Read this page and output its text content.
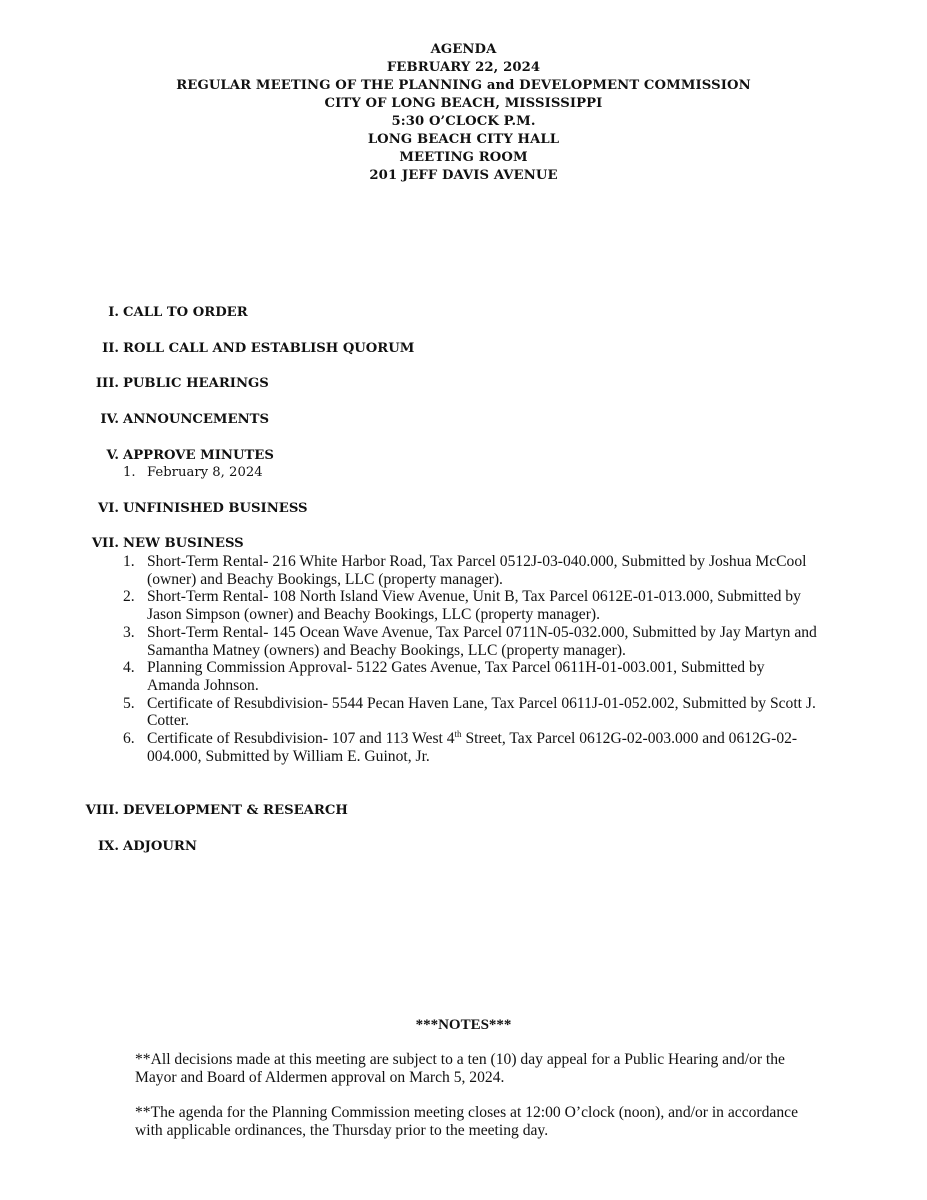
AGENDA
FEBRUARY 22, 2024
REGULAR MEETING OF THE PLANNING and DEVELOPMENT COMMISSION
CITY OF LONG BEACH, MISSISSIPPI
5:30 O’CLOCK P.M.
LONG BEACH CITY HALL
MEETING ROOM
201 JEFF DAVIS AVENUE
I. CALL TO ORDER
II. ROLL CALL AND ESTABLISH QUORUM
III. PUBLIC HEARINGS
IV. ANNOUNCEMENTS
V. APPROVE MINUTES
1. February 8, 2024
VI. UNFINISHED BUSINESS
VII. NEW BUSINESS
1. Short-Term Rental- 216 White Harbor Road, Tax Parcel 0512J-03-040.000, Submitted by Joshua McCool (owner) and Beachy Bookings, LLC (property manager).
2. Short-Term Rental- 108 North Island View Avenue, Unit B, Tax Parcel 0612E-01-013.000, Submitted by Jason Simpson (owner) and Beachy Bookings, LLC (property manager).
3. Short-Term Rental- 145 Ocean Wave Avenue, Tax Parcel 0711N-05-032.000, Submitted by Jay Martyn and Samantha Matney (owners) and Beachy Bookings, LLC (property manager).
4. Planning Commission Approval- 5122 Gates Avenue, Tax Parcel 0611H-01-003.001, Submitted by Amanda Johnson.
5. Certificate of Resubdivision- 5544 Pecan Haven Lane, Tax Parcel 0611J-01-052.002, Submitted by Scott J. Cotter.
6. Certificate of Resubdivision- 107 and 113 West 4th Street, Tax Parcel 0612G-02-003.000 and 0612G-02-004.000, Submitted by William E. Guinot, Jr.
VIII. DEVELOPMENT & RESEARCH
IX. ADJOURN
***NOTES***
**All decisions made at this meeting are subject to a ten (10) day appeal for a Public Hearing and/or the Mayor and Board of Aldermen approval on March 5, 2024.
**The agenda for the Planning Commission meeting closes at 12:00 O’clock (noon), and/or in accordance with applicable ordinances, the Thursday prior to the meeting day.
